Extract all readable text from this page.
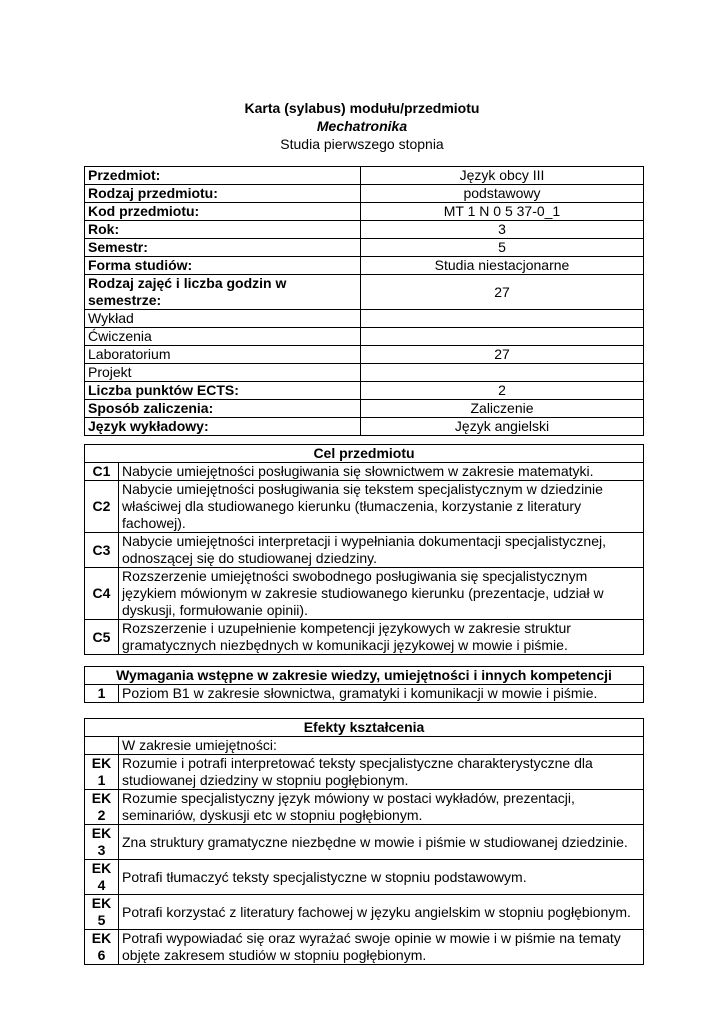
Karta (sylabus) modułu/przedmiotu
Mechatronika
Studia pierwszego stopnia
Przedmiot:	Język obcy III
Rodzaj przedmiotu:	podstawowy
Kod przedmiotu:	MT 1 N 0 5 37-0_1
Rok:	3
Semestr:	5
Forma studiów:	Studia niestacjonarne
Rodzaj zajęć i liczba godzin w semestrze:	27
Wykład	
Ćwiczenia	
Laboratorium	27
Projekt	
Liczba punktów ECTS:	2
Sposób zaliczenia:	Zaliczenie
Język wykładowy:	Język angielski
Cel przedmiotu	
C1	Nabycie umiejętności posługiwania się słownictwem w zakresie matematyki.
C2	Nabycie umiejętności posługiwania się tekstem specjalistycznym w dziedzinie właściwej dla studiowanego kierunku (tłumaczenia, korzystanie z literatury fachowej).
C3	Nabycie umiejętności interpretacji i wypełniania dokumentacji specjalistycznej, odnoszącej się do studiowanej dziedziny.
C4	Rozszerzenie umiejętności swobodnego posługiwania się specjalistycznym językiem mówionym w zakresie studiowanego kierunku (prezentacje, udział w dyskusji, formułowanie opinii).
C5	Rozszerzenie i uzupełnienie kompetencji językowych w zakresie struktur gramatycznych niezbędnych w komunikacji językowej w mowie i piśmie.
Wymagania wstępne w zakresie wiedzy, umiejętności i innych kompetencji
1	Poziom B1 w zakresie słownictwa, gramatyki i komunikacji w mowie i piśmie.
Efekty kształcenia	
	W zakresie umiejętności:
EK 1	Rozumie i potrafi interpretować teksty specjalistyczne charakterystyczne dla studiowanej dziedziny w stopniu pogłębionym.
EK 2	Rozumie specjalistyczny język mówiony w postaci wykładów, prezentacji, seminariów, dyskusji etc w stopniu pogłębionym.
EK 3	Zna struktury gramatyczne niezbędne w mowie i piśmie w studiowanej dziedzinie.
EK 4	Potrafi tłumaczyć teksty specjalistyczne w stopniu podstawowym.
EK 5	Potrafi korzystać z literatury fachowej w języku angielskim w stopniu pogłębionym.
EK 6	Potrafi wypowiadać się oraz wyrażać swoje opinie w mowie i w piśmie na tematy objęte zakresem studiów w stopniu pogłębionym.
